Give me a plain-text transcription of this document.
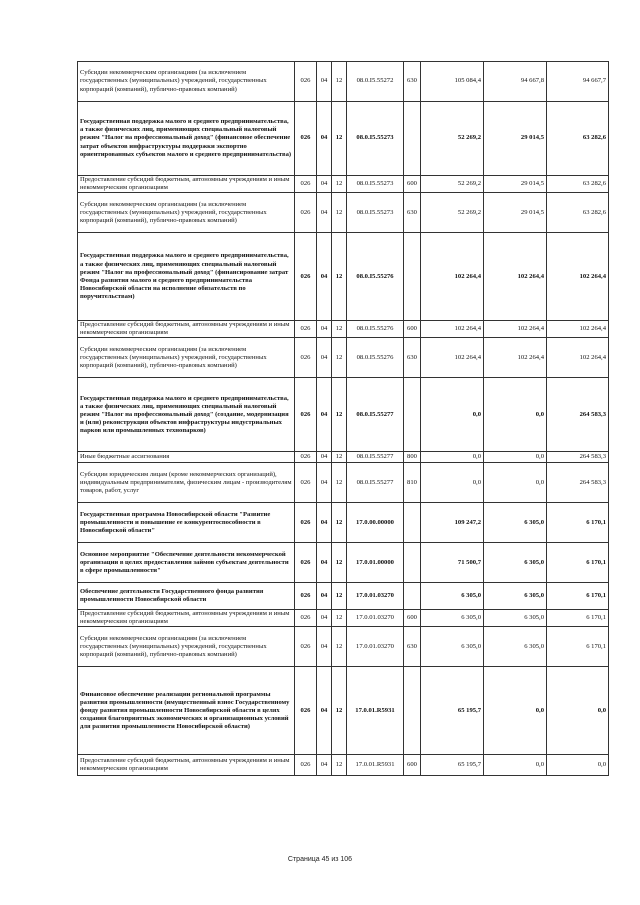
Субсидии некоммерческим организациям (за исключением государственных (муниципальных) учреждений, государственных корпораций (компаний), публично-правовых компаний)	026	04	12	08.0.I5.55272	630	105 084,4	94 667,8	94 667,7
Государственная поддержка малого и среднего предпринимательства, а также физических лиц, применяющих специальный налоговый режим "Налог на профессиональный доход" (финансовое обеспечение затрат объектов инфраструктуры поддержки экспортно ориентированных субъектов малого и среднего предпринимательства)	026	04	12	08.0.I5.55273		52 269,2	29 014,5	63 282,6
Предоставление субсидий бюджетным, автономным учреждениям и иным некоммерческим организациям	026	04	12	08.0.I5.55273	600	52 269,2	29 014,5	63 282,6
Субсидии некоммерческим организациям (за исключением государственных (муниципальных) учреждений, государственных корпораций (компаний), публично-правовых компаний)	026	04	12	08.0.I5.55273	630	52 269,2	29 014,5	63 282,6
Государственная поддержка малого и среднего предпринимательства, а также физических лиц, применяющих специальный налоговый режим "Налог на профессиональный доход" (финансирование затрат Фонда развития малого и среднего предпринимательства Новосибирской области на исполнение обязательств по поручительствам)	026	04	12	08.0.I5.55276		102 264,4	102 264,4	102 264,4
Предоставление субсидий бюджетным, автономным учреждениям и иным некоммерческим организациям	026	04	12	08.0.I5.55276	600	102 264,4	102 264,4	102 264,4
Субсидии некоммерческим организациям (за исключением государственных (муниципальных) учреждений, государственных корпораций (компаний), публично-правовых компаний)	026	04	12	08.0.I5.55276	630	102 264,4	102 264,4	102 264,4
Государственная поддержка малого и среднего предпринимательства, а также физических лиц, применяющих специальный налоговый режим "Налог на профессиональный доход" (создание, модернизация и (или) реконструкция объектов инфраструктуры индустриальных парков или промышленных технопарков)	026	04	12	08.0.I5.55277		0,0	0,0	264 583,3
Иные бюджетные ассигнования	026	04	12	08.0.I5.55277	800	0,0	0,0	264 583,3
Субсидии юридическим лицам (кроме некоммерческих организаций), индивидуальным предпринимателям, физическим лицам - производителям товаров, работ, услуг	026	04	12	08.0.I5.55277	810	0,0	0,0	264 583,3
Государственная программа Новосибирской области "Развитие промышленности и повышение ее конкурентоспособности в Новосибирской области"	026	04	12	17.0.00.00000		109 247,2	6 305,0	6 170,1
Основное мероприятие "Обеспечение деятельности некоммерческой организации в целях предоставления займов субъектам деятельности в сфере промышленности"	026	04	12	17.0.01.00000		71 500,7	6 305,0	6 170,1
Обеспечение деятельности Государственного фонда развития промышленности Новосибирской области	026	04	12	17.0.01.03270		6 305,0	6 305,0	6 170,1
Предоставление субсидий бюджетным, автономным учреждениям и иным некоммерческим организациям	026	04	12	17.0.01.03270	600	6 305,0	6 305,0	6 170,1
Субсидии некоммерческим организациям (за исключением государственных (муниципальных) учреждений, государственных корпораций (компаний), публично-правовых компаний)	026	04	12	17.0.01.03270	630	6 305,0	6 305,0	6 170,1
Финансовое обеспечение реализации региональной программы развития промышленности (имущественный взнос Государственному фонду развития промышленности Новосибирской области в целях создания благоприятных экономических и организационных условий для развития промышленности Новосибирской области)	026	04	12	17.0.01.R5931		65 195,7	0,0	0,0
Предоставление субсидий бюджетным, автономным учреждениям и иным некоммерческим организациям	026	04	12	17.0.01.R5931	600	65 195,7	0,0	0,0
Страница 45 из 106
